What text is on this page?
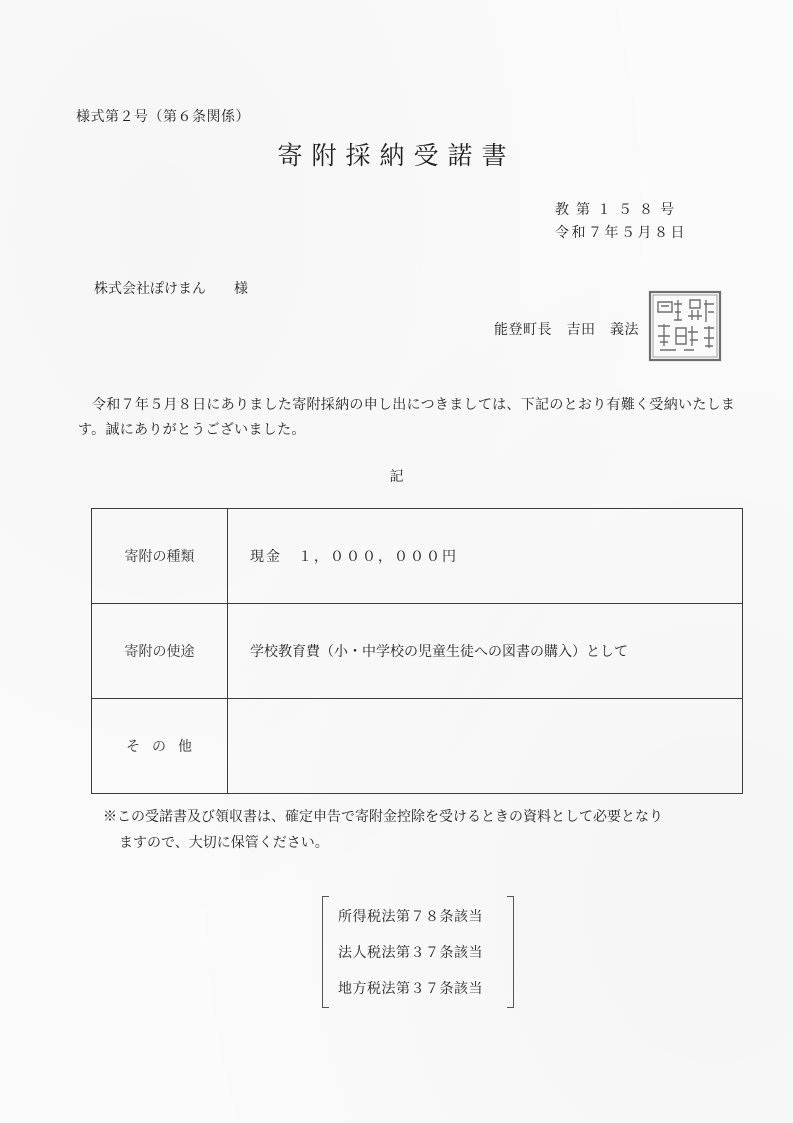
様式第２号（第６条関係）
寄附採納受諾書
教第１５８号
令和７年５月８日
株式会社ぽけまん 様
能登町長　吉田　義法
令和７年５月８日にありました寄附採納の申し出につきましては、下記のとおり有難く受納いたします。誠にありがとうございました。
記
寄附の種類	現金　１，０００，０００円
寄附の使途	学校教育費（小・中学校の児童生徒への図書の購入）として
その他	
※この受諾書及び領収書は、確定申告で寄附金控除を受けるときの資料として必要となり
ますので、大切に保管ください。
所得税法第７８条該当
法人税法第３７条該当
地方税法第３７条該当
